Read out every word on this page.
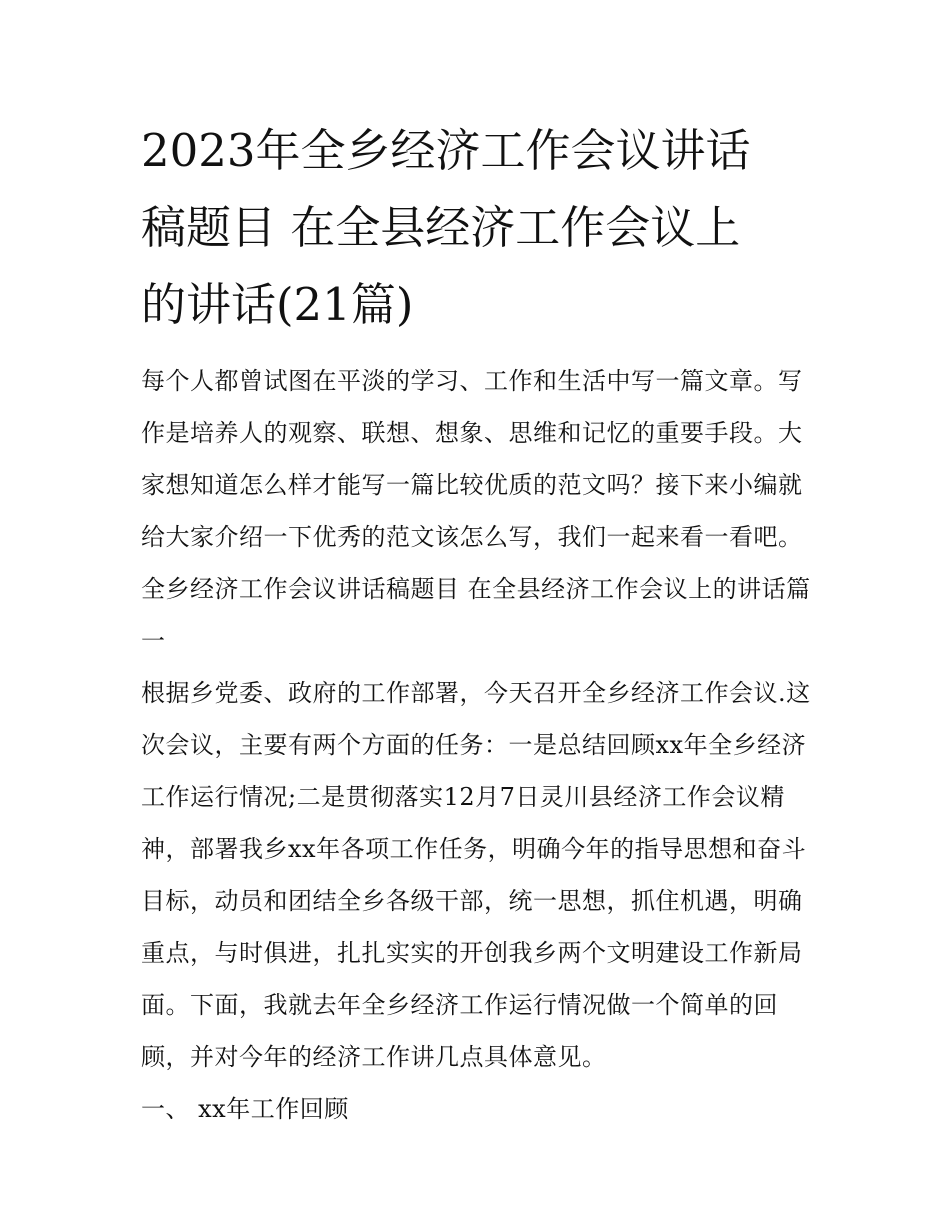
2023年全乡经济工作会议讲话
稿题目 在全县经济工作会议上
的讲话(21篇)

每个人都曾试图在平淡的学习、工作和生活中写一篇文章。写作是培养人的观察、联想、想象、思维和记忆的重要手段。大家想知道怎么样才能写一篇比较优质的范文吗？接下来小编就给大家介绍一下优秀的范文该怎么写，我们一起来看一看吧。

全乡经济工作会议讲话稿题目 在全县经济工作会议上的讲话篇一

根据乡党委、政府的工作部署，今天召开全乡经济工作会议.这次会议，主要有两个方面的任务：一是总结回顾xx年全乡经济工作运行情况;二是贯彻落实12月7日灵川县经济工作会议精神，部署我乡xx年各项工作任务，明确今年的指导思想和奋斗目标，动员和团结全乡各级干部，统一思想，抓住机遇，明确重点，与时俱进，扎扎实实的开创我乡两个文明建设工作新局面。下面，我就去年全乡经济工作运行情况做一个简单的回顾，并对今年的经济工作讲几点具体意见。

一、 xx年工作回顾
